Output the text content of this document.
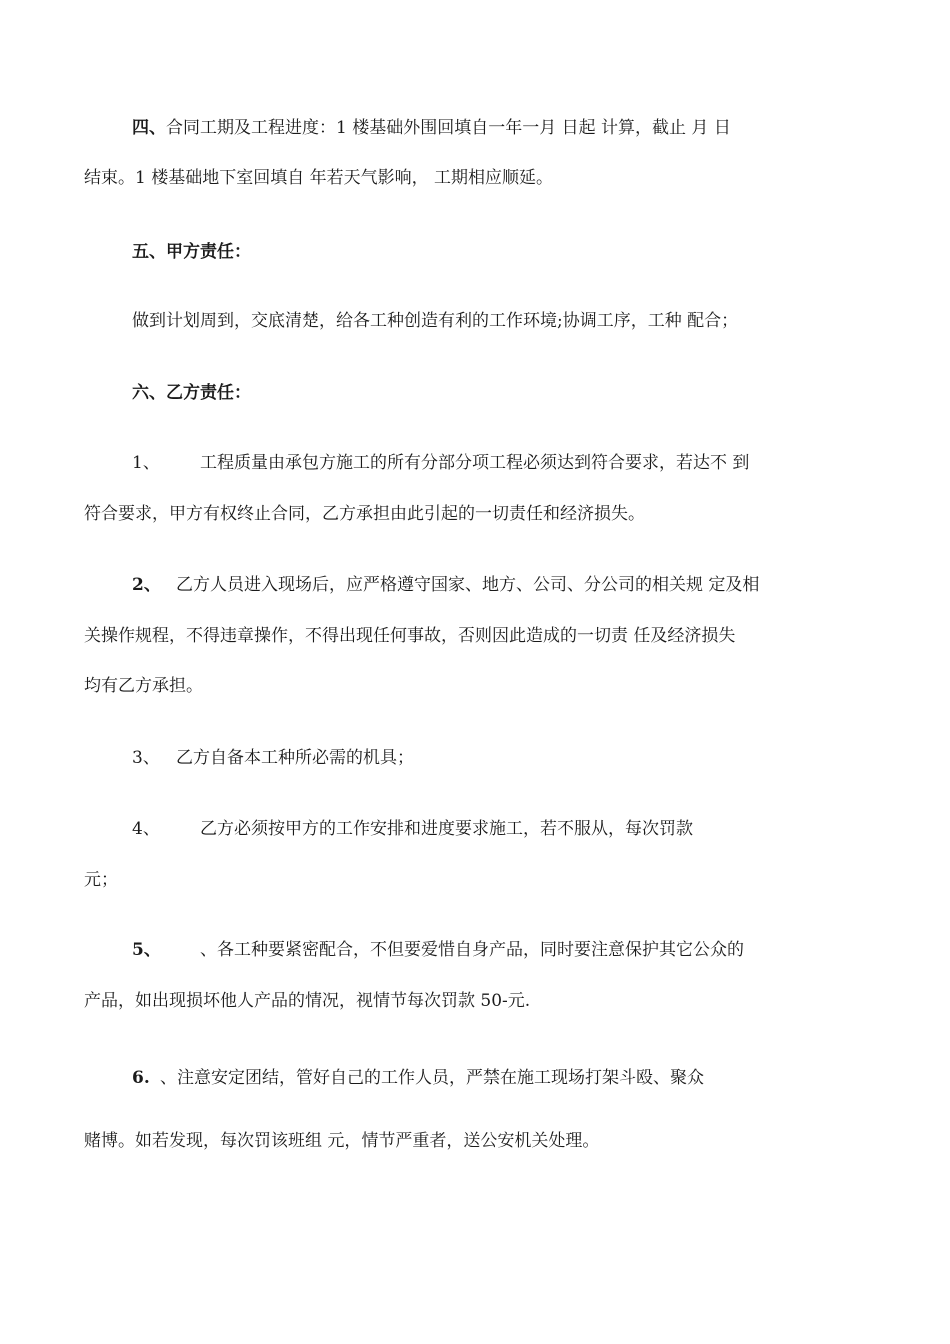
四、合同工期及工程进度：1 楼基础外围回填自一年一月 日起 计算，截止 月 日
结束。1 楼基础地下室回填自 年若天气影响， 工期相应顺延。
五、甲方责任：
做到计划周到，交底清楚，给各工种创造有利的工作环境;协调工序，工种 配合；
六、乙方责任：
1、 工程质量由承包方施工的所有分部分项工程必须达到符合要求，若达不 到
符合要求，甲方有权终止合同，乙方承担由此引起的一切责任和经济损失。
2、 乙方人员进入现场后，应严格遵守国家、地方、公司、分公司的相关规 定及相
关操作规程，不得违章操作，不得出现任何事故，否则因此造成的一切责 任及经济损失
均有乙方承担。
3、 乙方自备本工种所必需的机具；
4、 乙方必须按甲方的工作安排和进度要求施工，若不服从，每次罚款
元；
5、 、各工种要紧密配合，不但要爱惜自身产品，同时要注意保护其它公众的
产品，如出现损坏他人产品的情况，视情节每次罚款 50-元.
6. 、注意安定团结，管好自己的工作人员，严禁在施工现场打架斗殴、聚众
赌博。如若发现，每次罚该班组 元，情节严重者，送公安机关处理。
